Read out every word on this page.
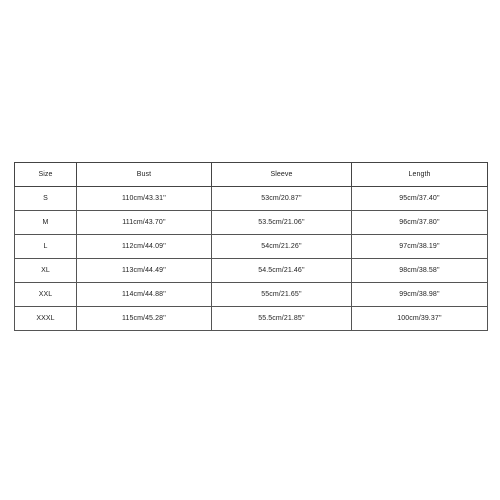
Size	Bust	Sleeve	Length
S	110cm/43.31''	53cm/20.87''	95cm/37.40''
M	111cm/43.70''	53.5cm/21.06''	96cm/37.80''
L	112cm/44.09''	54cm/21.26''	97cm/38.19''
XL	113cm/44.49''	54.5cm/21.46''	98cm/38.58''
XXL	114cm/44.88''	55cm/21.65''	99cm/38.98''
XXXL	115cm/45.28''	55.5cm/21.85''	100cm/39.37''
